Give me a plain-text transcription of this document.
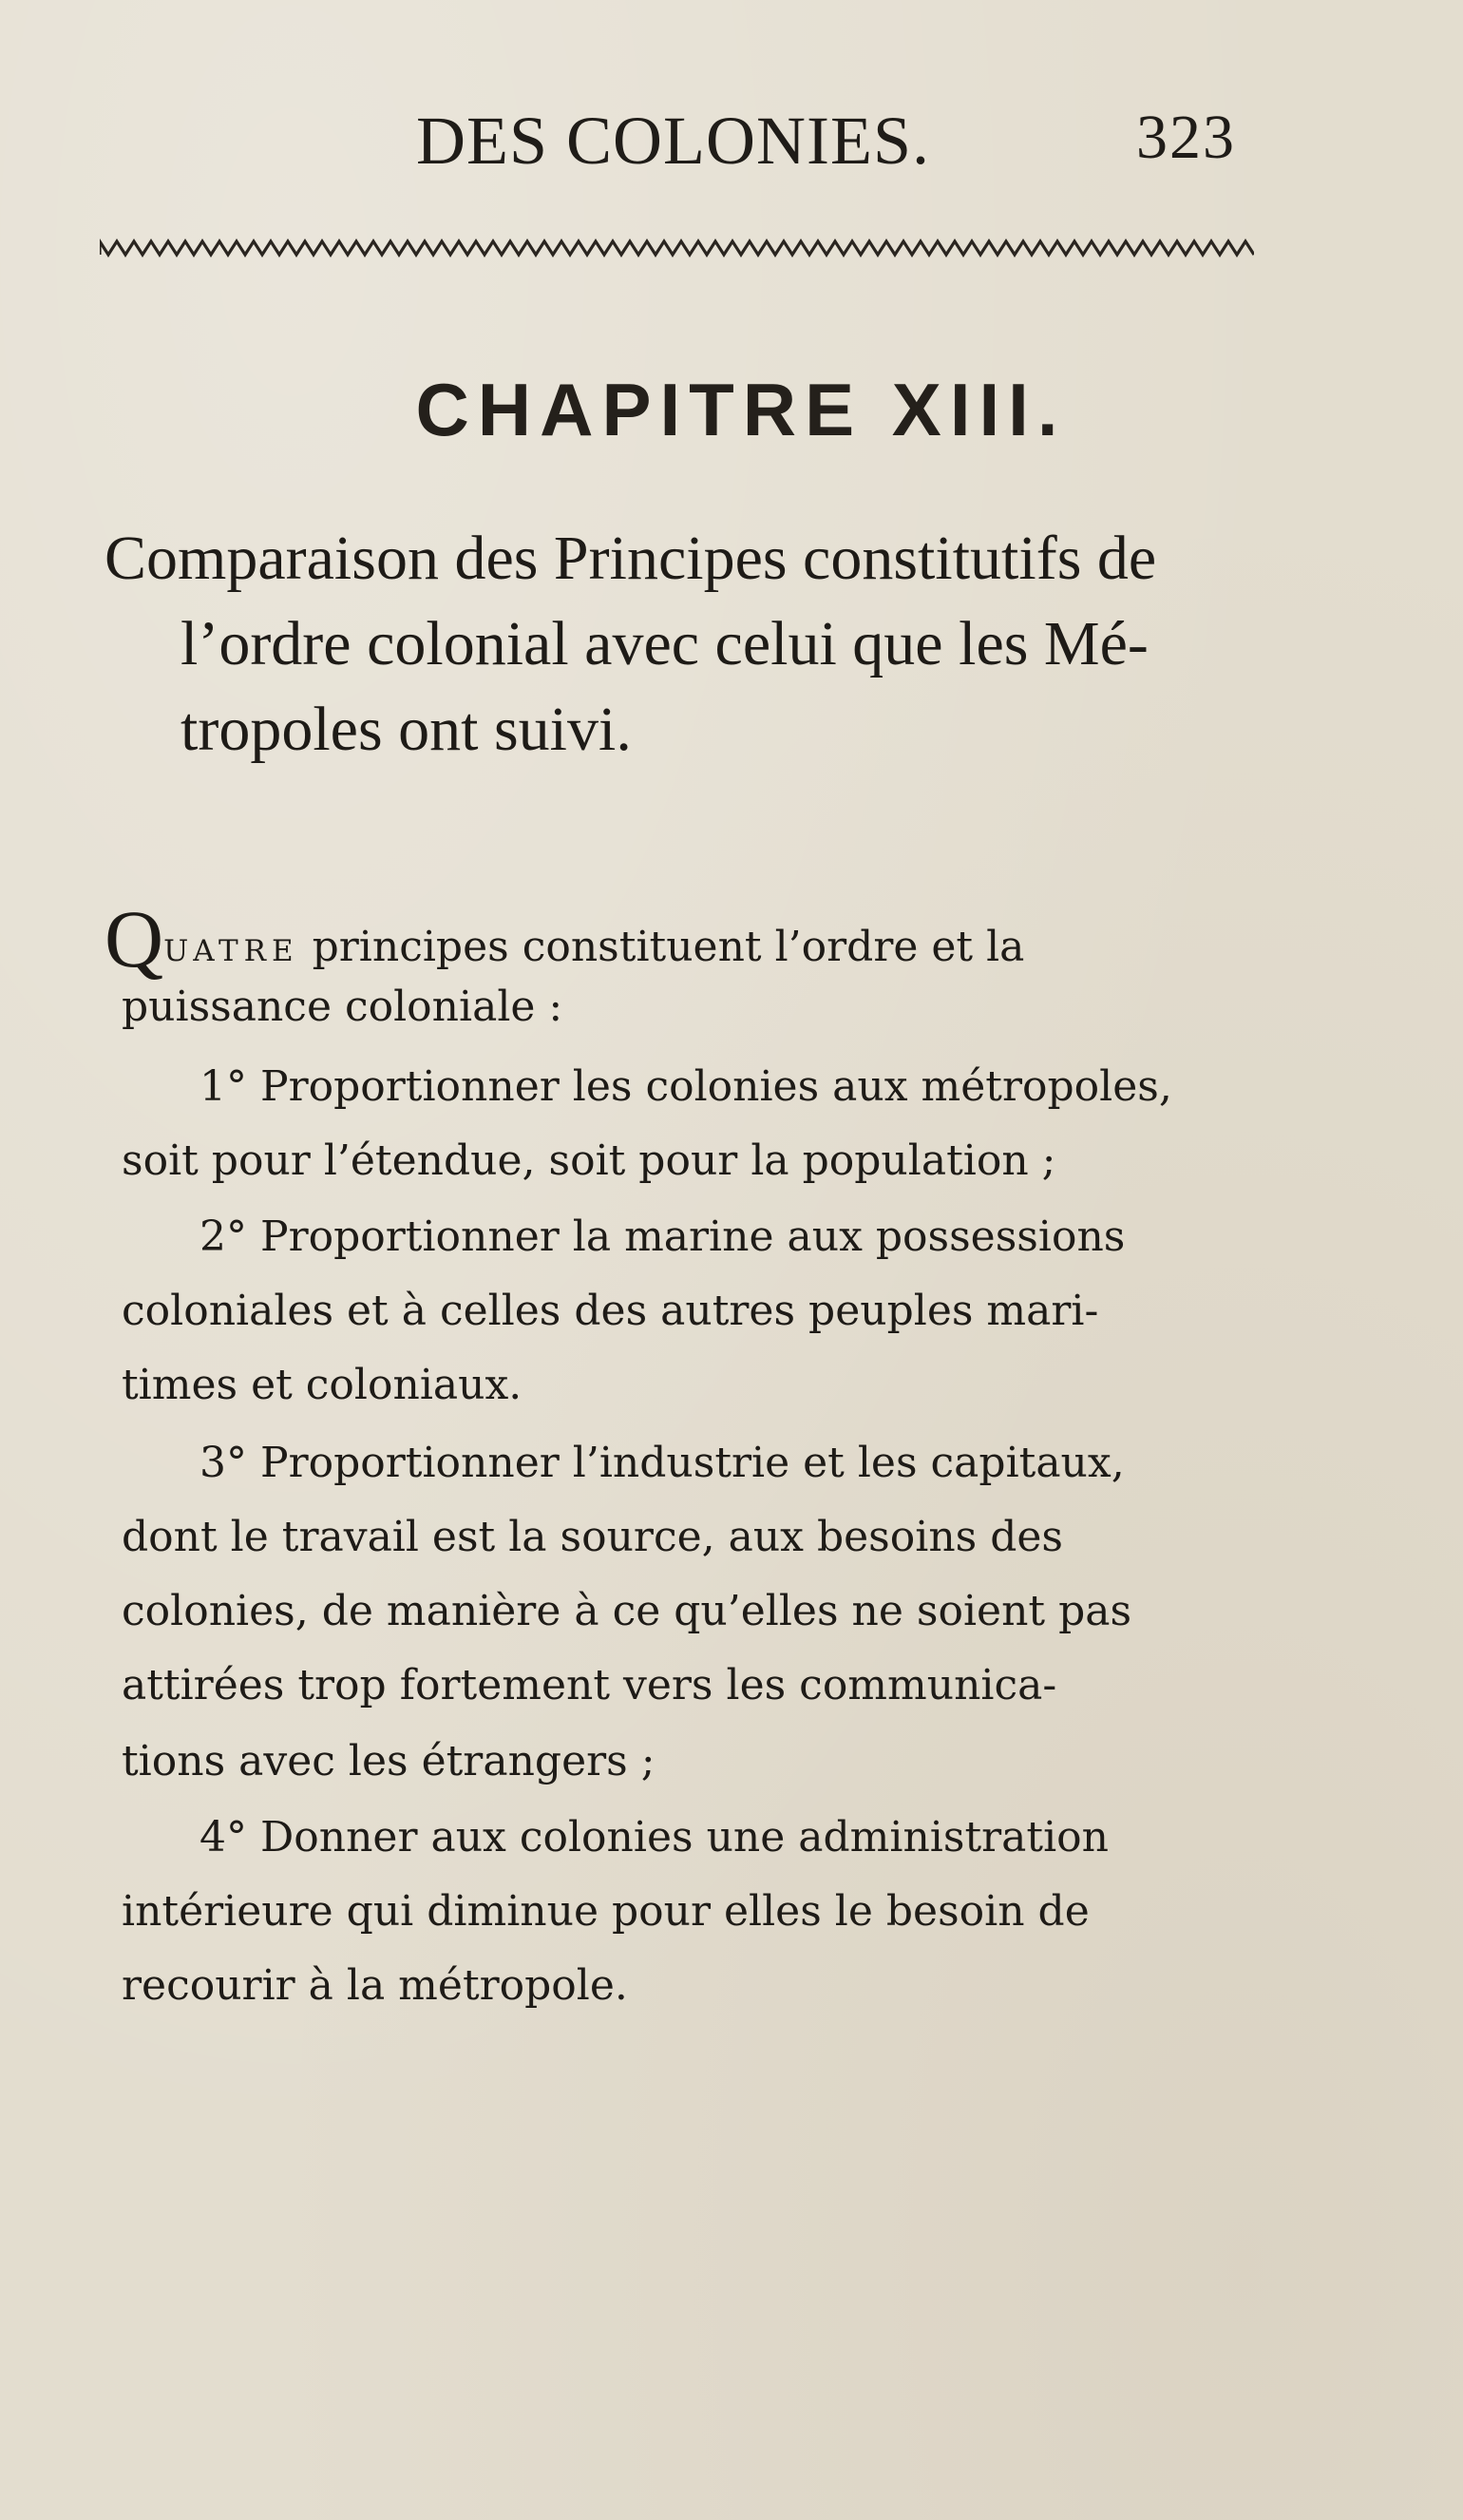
DES COLONIES.	323
CHAPITRE XIII.
Comparaison des Principes constitutifs de
l’ordre colonial avec celui que les Mé-
tropoles ont suivi.
Quatre principes constituent l’ordre et la
puissance coloniale :
1° Proportionner les colonies aux métropoles,
soit pour l’étendue, soit pour la population ;
2° Proportionner la marine aux possessions
coloniales et à celles des autres peuples mari-
times et coloniaux.
3° Proportionner l’industrie et les capitaux,
dont le travail est la source, aux besoins des
colonies, de manière à ce qu’elles ne soient pas
attirées trop fortement vers les communica-
tions avec les étrangers ;
4° Donner aux colonies une administration
intérieure qui diminue pour elles le besoin de
recourir à la métropole.
